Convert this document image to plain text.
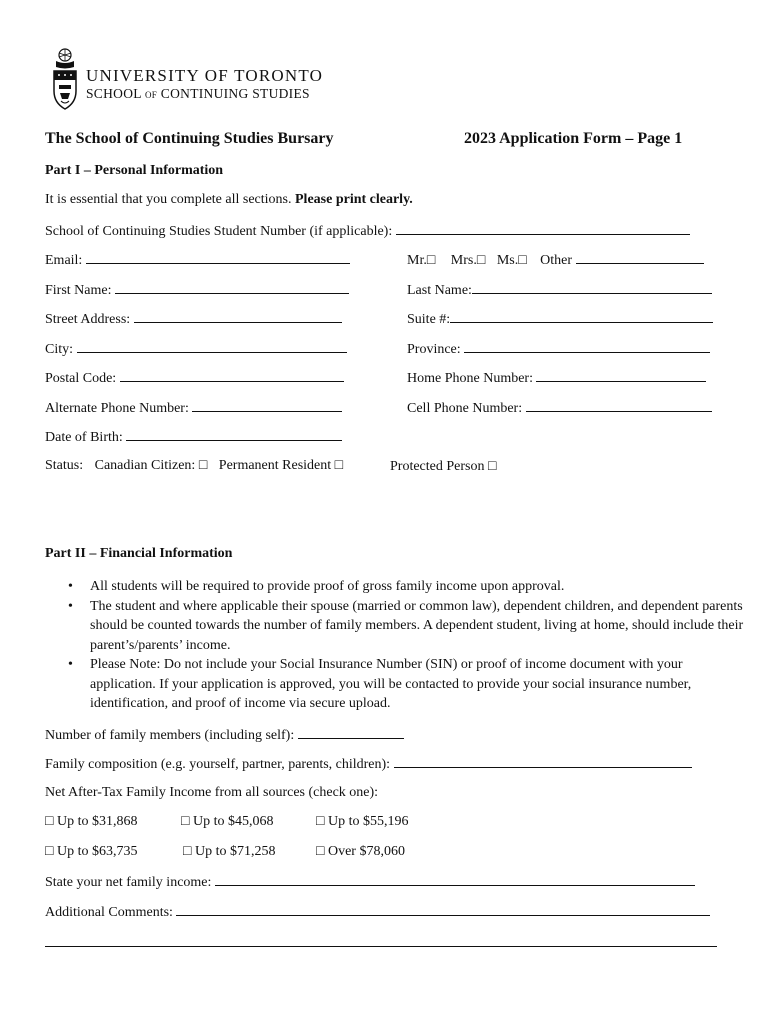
UNIVERSITY OF TORONTO
SCHOOL OF CONTINUING STUDIES
The School of Continuing Studies Bursary	2023 Application Form – Page 1
Part I – Personal Information
It is essential that you complete all sections. Please print clearly.
School of Continuing Studies Student Number (if applicable):
Email:	Mr.□ Mrs.□ Ms.□ Other
First Name:	Last Name:
Street Address:	Suite #:
City:	Province:
Postal Code:	Home Phone Number:
Alternate Phone Number:	Cell Phone Number:
Date of Birth:
Status: Canadian Citizen: □ Permanent Resident □	Protected Person □
Part II – Financial Information
• All students will be required to provide proof of gross family income upon approval.
• The student and where applicable their spouse (married or common law), dependent children, and dependent parents should be counted towards the number of family members. A dependent student, living at home, should include their parent’s/parents’ income.
• Please Note: Do not include your Social Insurance Number (SIN) or proof of income document with your application. If your application is approved, you will be contacted to provide your social insurance number, identification, and proof of income via secure upload.
Number of family members (including self):
Family composition (e.g. yourself, partner, parents, children):
Net After-Tax Family Income from all sources (check one):
□ Up to $31,868	□ Up to $45,068	□ Up to $55,196
□ Up to $63,735	□ Up to $71,258	□ Over $78,060
State your net family income:
Additional Comments:
